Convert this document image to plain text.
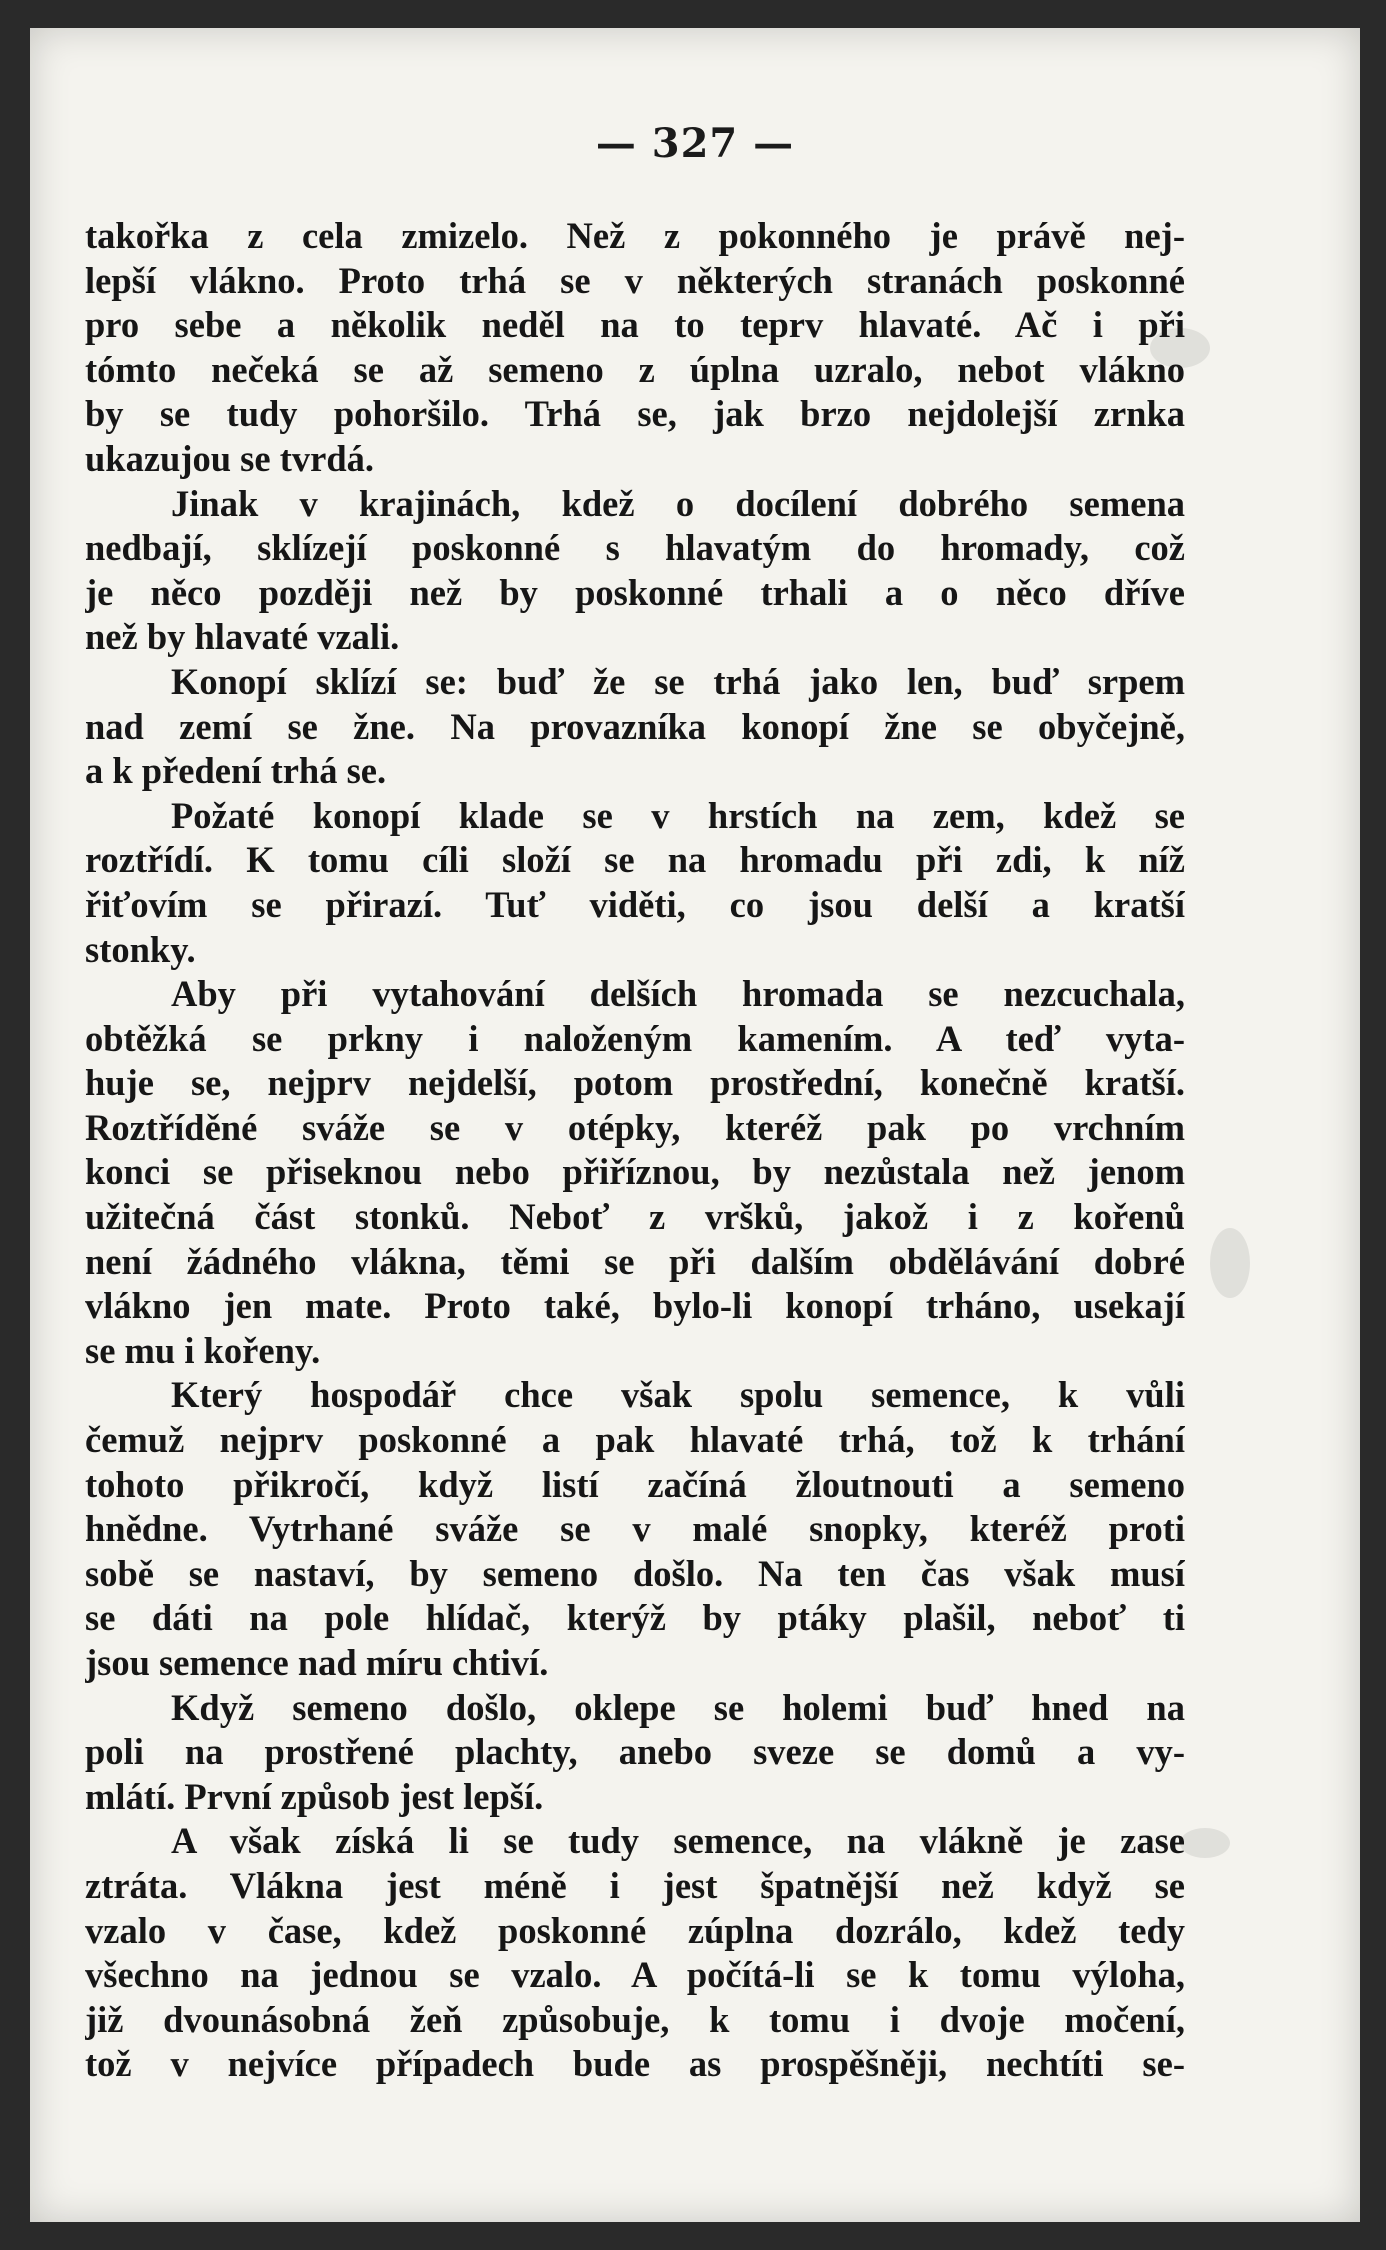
— 327 —
takořka z cela zmizelo. Než z pokonného je právě nej-
lepší vlákno. Proto trhá se v některých stranách poskonné
pro sebe a několik neděl na to teprv hlavaté. Ač i při
tómto nečeká se až semeno z úplna uzralo, nebot vlákno
by se tudy pohoršilo. Trhá se, jak brzo nejdolejší zrnka
ukazujou se tvrdá.
Jinak v krajinách, kdež o docílení dobrého semena
nedbají, sklízejí poskonné s hlavatým do hromady, což
je něco později než by poskonné trhali a o něco dříve
než by hlavaté vzali.
Konopí sklízí se: buď že se trhá jako len, buď srpem
nad zemí se žne. Na provazníka konopí žne se obyčejně,
a k předení trhá se.
Požaté konopí klade se v hrstích na zem, kdež se
roztřídí. K tomu cíli složí se na hromadu při zdi, k níž
řiťovím se přirazí. Tuť viděti, co jsou delší a kratší
stonky.
Aby při vytahování delších hromada se nezcuchala,
obtěžká se prkny i naloženým kamením. A teď vyta-
huje se, nejprv nejdelší, potom prostřední, konečně kratší.
Roztříděné sváže se v otépky, kteréž pak po vrchním
konci se přiseknou nebo přiříznou, by nezůstala než jenom
užitečná část stonků. Neboť z vršků, jakož i z kořenů
není žádného vlákna, těmi se při dalším obdělávání dobré
vlákno jen mate. Proto také, bylo-li konopí trháno, usekají
se mu i kořeny.
Který hospodář chce však spolu semence, k vůli
čemuž nejprv poskonné a pak hlavaté trhá, tož k trhání
tohoto přikročí, když listí začíná žloutnouti a semeno
hnědne. Vytrhané sváže se v malé snopky, kteréž proti
sobě se nastaví, by semeno došlo. Na ten čas však musí
se dáti na pole hlídač, kterýž by ptáky plašil, neboť ti
jsou semence nad míru chtiví.
Když semeno došlo, oklepe se holemi buď hned na
poli na prostřené plachty, anebo sveze se domů a vy-
mlátí. První způsob jest lepší.
A však získá li se tudy semence, na vlákně je zase
ztráta. Vlákna jest méně i jest špatnější než když se
vzalo v čase, kdež poskonné zúplna dozrálo, kdež tedy
všechno na jednou se vzalo. A počítá-li se k tomu výloha,
již dvounásobná žeň způsobuje, k tomu i dvoje močení,
tož v nejvíce případech bude as prospěšněji, nechtíti se-
